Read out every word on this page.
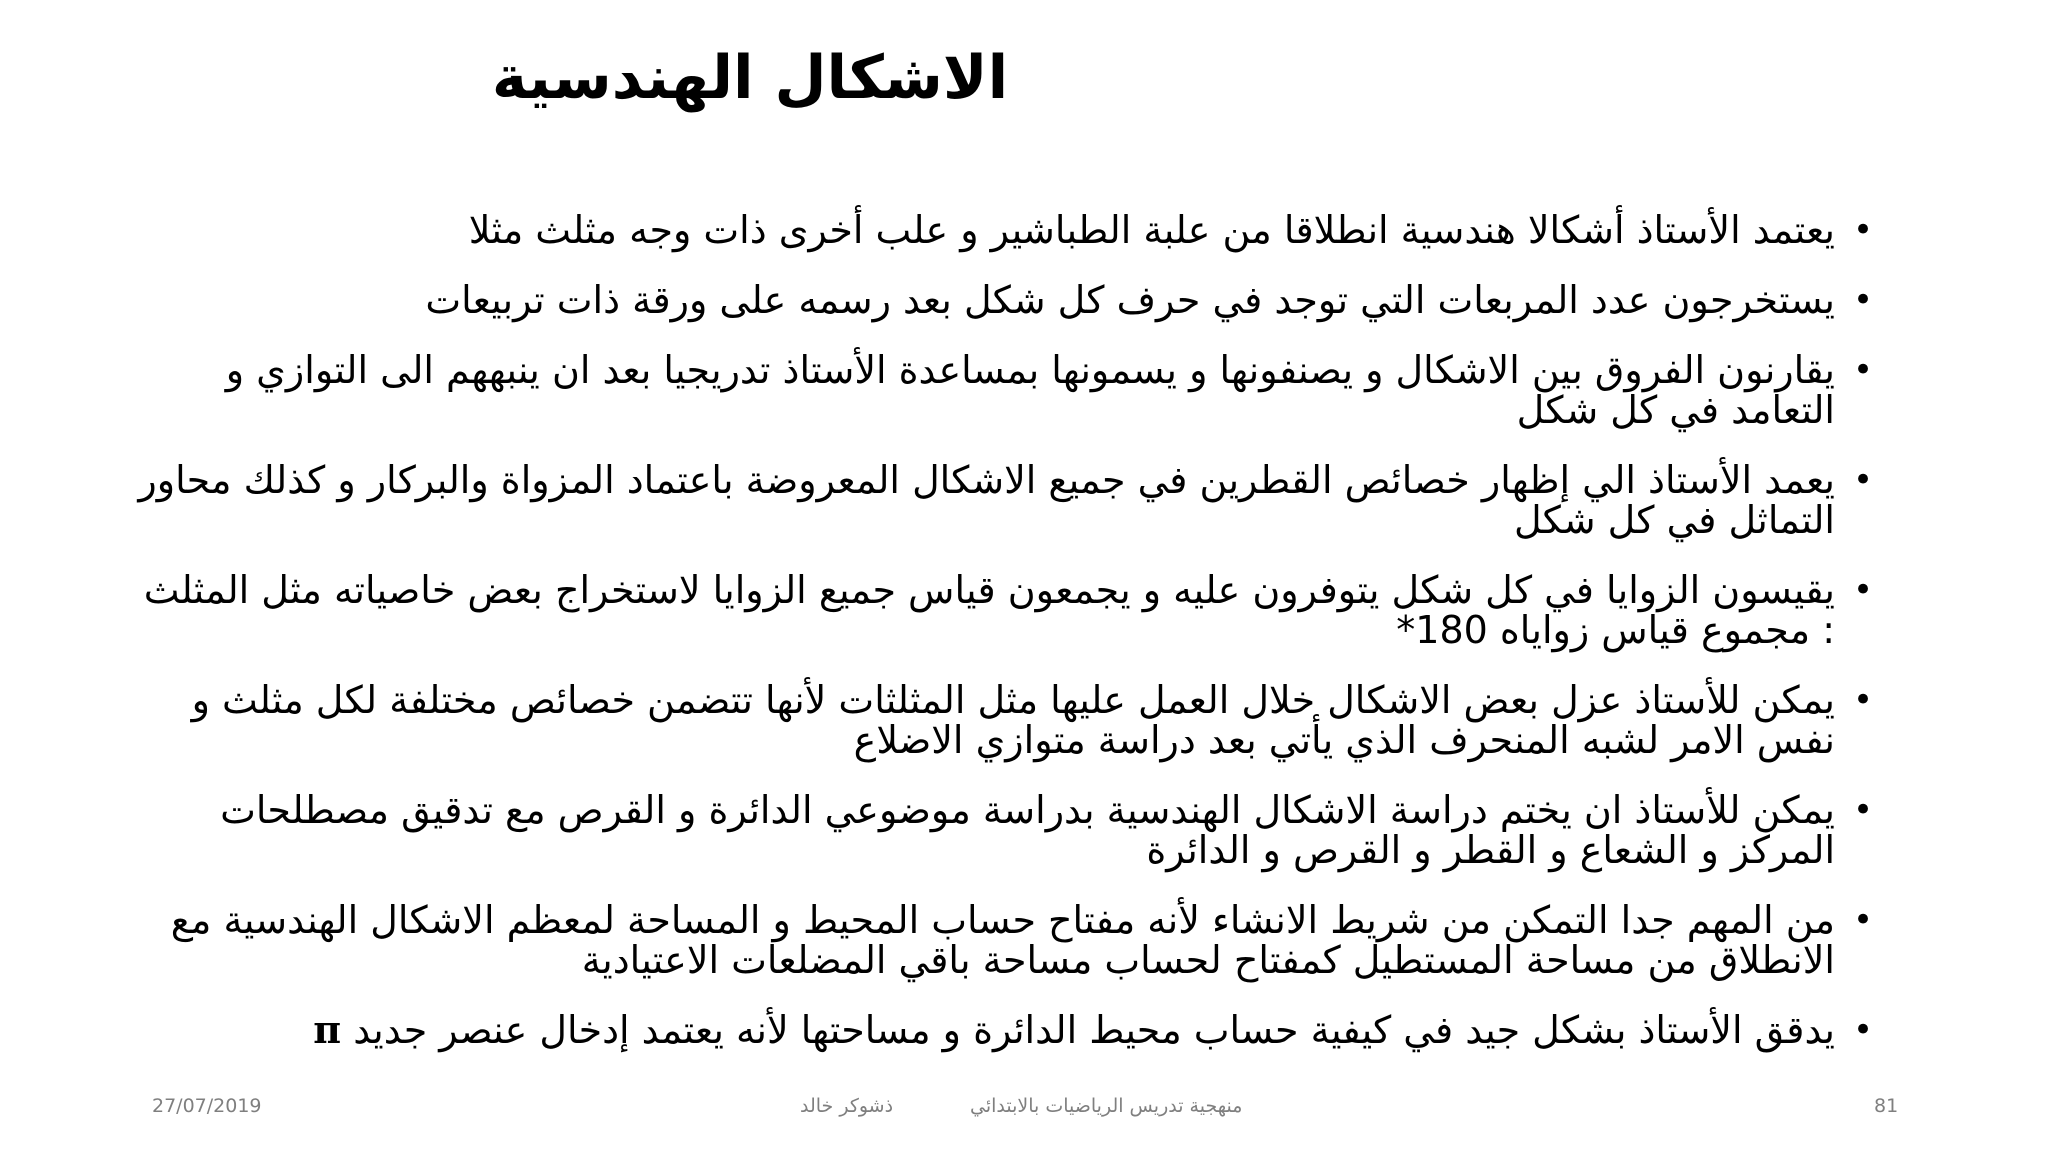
الاشكال الهندسية
• يعتمد الأستاذ أشكالا هندسية انطلاقا من علبة الطباشير و علب أخرى ذات وجه مثلث مثلا
• يستخرجون عدد المربعات التي توجد في حرف كل شكل بعد رسمه على ورقة ذات تربيعات
• يقارنون الفروق بين الاشكال و يصنفونها و يسمونها بمساعدة الأستاذ تدريجيا بعد ان ينبههم الى التوازي و التعامد في كل شكل
• يعمد الأستاذ الي إظهار خصائص القطرين في جميع الاشكال المعروضة باعتماد المزواة والبركار و كذلك محاور التماثل في كل شكل
• يقيسون الزوايا في كل شكل يتوفرون عليه و يجمعون قياس جميع الزوايا لاستخراج بعض خاصياته مثل المثلث : مجموع قياس زواياه 180*
• يمكن للأستاذ عزل بعض الاشكال خلال العمل عليها مثل المثلثات لأنها تتضمن خصائص مختلفة لكل مثلث و نفس الامر لشبه المنحرف الذي يأتي بعد دراسة متوازي الاضلاع
• يمكن للأستاذ ان يختم دراسة الاشكال الهندسية بدراسة موضوعي الدائرة و القرص مع تدقيق مصطلحات المركز و الشعاع و القطر و القرص و الدائرة
• من المهم جدا التمكن من شريط الانشاء لأنه مفتاح حساب المحيط و المساحة لمعظم الاشكال الهندسية مع الانطلاق من مساحة المستطيل كمفتاح لحساب مساحة باقي المضلعات الاعتيادية
• يدقق الأستاذ بشكل جيد في كيفية حساب محيط الدائرة و مساحتها لأنه يعتمد إدخال عنصر جديد π
27/07/2019	ذشوكر خالد	منهجية تدريس الرياضيات بالابتدائي	81
